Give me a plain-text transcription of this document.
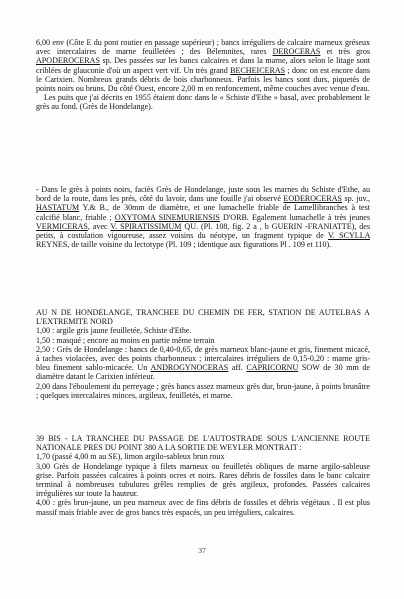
6,00 env (Côte E du pont routier en passage supérieur) ; bancs irréguliers de calcaire marneux gréseux avec intercalaires de marne feuilletées ; des Bélemnites, rares DEROCERAS et très gros APODEROCERAS sp. Des passées sur les bancs calcaires et dans la marne, alors selon le litage sont criblées de glauconie d'où un aspect vert vif. Un très grand BECHEICERAS ; donc on est encore dans le Carixien. Nombreux grands débris de bois charbonneux. Parfois les bancs sont durs, piquetés de points noirs ou bruns. Du côté Ouest, encore 2,00 m en renfoncement, même couches avec venue d'eau.

Les puits que j'ai décrits en 1955 étaient donc dans le « Schiste d'Ethe » basal, avec probablement le grès au fond. (Grès de Hondelange).

- Dans le grès à points noirs, faciès Grès de Hondelange, juste sous les marnes du Schiste d'Ethe, au bord de la route, dans les prés, côté du lavoir, dans une fouille j'ai observé EODEROCERAS sp. juv., HASTATUM Y.& B., de 30mm de diamètre, et une lumachelle friable de Lamellibranches à test calcifié blanc, friable ; OXYTOMA SINEMURIENSIS D'ORB. Egalement lumachelle à très jeunes VERMICERAS, avec V. SPIRATISSIMUM QU. (Pl. 108, fig. 2 a , b GUERIN -FRANIATTE), des petits, à costulation vigoureuse, assez voisins du néotype, un fragment typique de V. SCYLLA REYNES, de taille voisine du lectotype (Pl. 109 ; identique aux figurations Pl . 109 et 110).

AU N DE HONDELANGE, TRANCHEE DU CHEMIN DE FER, STATION DE AUTELBAS A L'EXTREMITE NORD

1,00 : argile gris jaune feuilletée, Schiste d'Ethe.

1,50 : masqué ; encore au moins en partie même terrain

2,50 : Grès de Hondelange : bancs de 0,40-0,65, de grès marneux blanc-jaune et gris, finement micacé, à taches violacées, avec des points charbonneux ; intercalaires irréguliers de 0,15-0,20 : marne gris-bleu finement sablo-micacée. Un ANDROGYNOCERAS aff. CAPRICORNU SOW de 30 mm de diamètre datant le Carixien inférieur.

2,00 dans l'éboulement du perreyage ; grès bancs assez marneux grès dur, brun-jaune, à points brunâtre ; quelques intercalaires minces, argileux, feuilletés, et marne.

39 BIS - LA TRANCHEE DU PASSAGE DE L'AUTOSTRADE SOUS L'ANCIENNE ROUTE NATIONALE PRES DU POINT 380 A LA SORTIE DE WEYLER MONTRAIT :

1,70 (passé 4,00 m au SE), limon argilo-sableux brun roux

3,00 Grès de Hondelange typique à filets marneux ou feuilletés obliques de marne argilo-sableuse grise. Parfois passées calcaires à points ocres et noirs. Rares débris de fossiles dans le banc calcaire terminal à nombreuses tubulures grêles remplies de grès argileux, profondes. Passées calcaires irrégulières sur toute la hauteur.

4,00 : grès brun-jaune, un peu marneux avec de fins débris de fossiles et débris végétaux . Il est plus massif mais friable avec de gros bancs très espacés, un peu irréguliers, calcaires.

37
